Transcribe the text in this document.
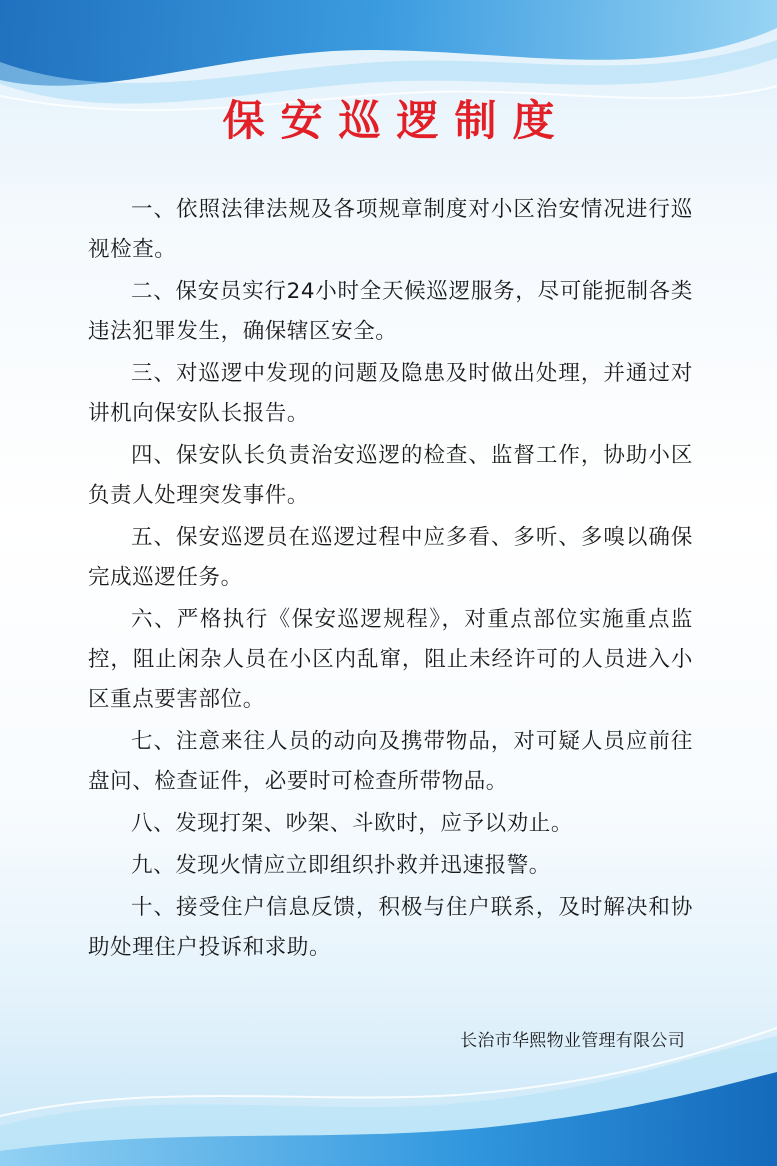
保安巡逻制度
一、依照法律法规及各项规章制度对小区治安情况进行巡视检查。
二、保安员实行24小时全天候巡逻服务，尽可能扼制各类违法犯罪发生，确保辖区安全。
三、对巡逻中发现的问题及隐患及时做出处理，并通过对讲机向保安队长报告。
四、保安队长负责治安巡逻的检查、监督工作，协助小区负责人处理突发事件。
五、保安巡逻员在巡逻过程中应多看、多听、多嗅以确保完成巡逻任务。
六、严格执行《保安巡逻规程》，对重点部位实施重点监控，阻止闲杂人员在小区内乱窜，阻止未经许可的人员进入小区重点要害部位。
七、注意来往人员的动向及携带物品，对可疑人员应前往盘问、检查证件，必要时可检查所带物品。
八、发现打架、吵架、斗欧时，应予以劝止。
九、发现火情应立即组织扑救并迅速报警。
十、接受住户信息反馈，积极与住户联系，及时解决和协助处理住户投诉和求助。
长治市华熙物业管理有限公司
